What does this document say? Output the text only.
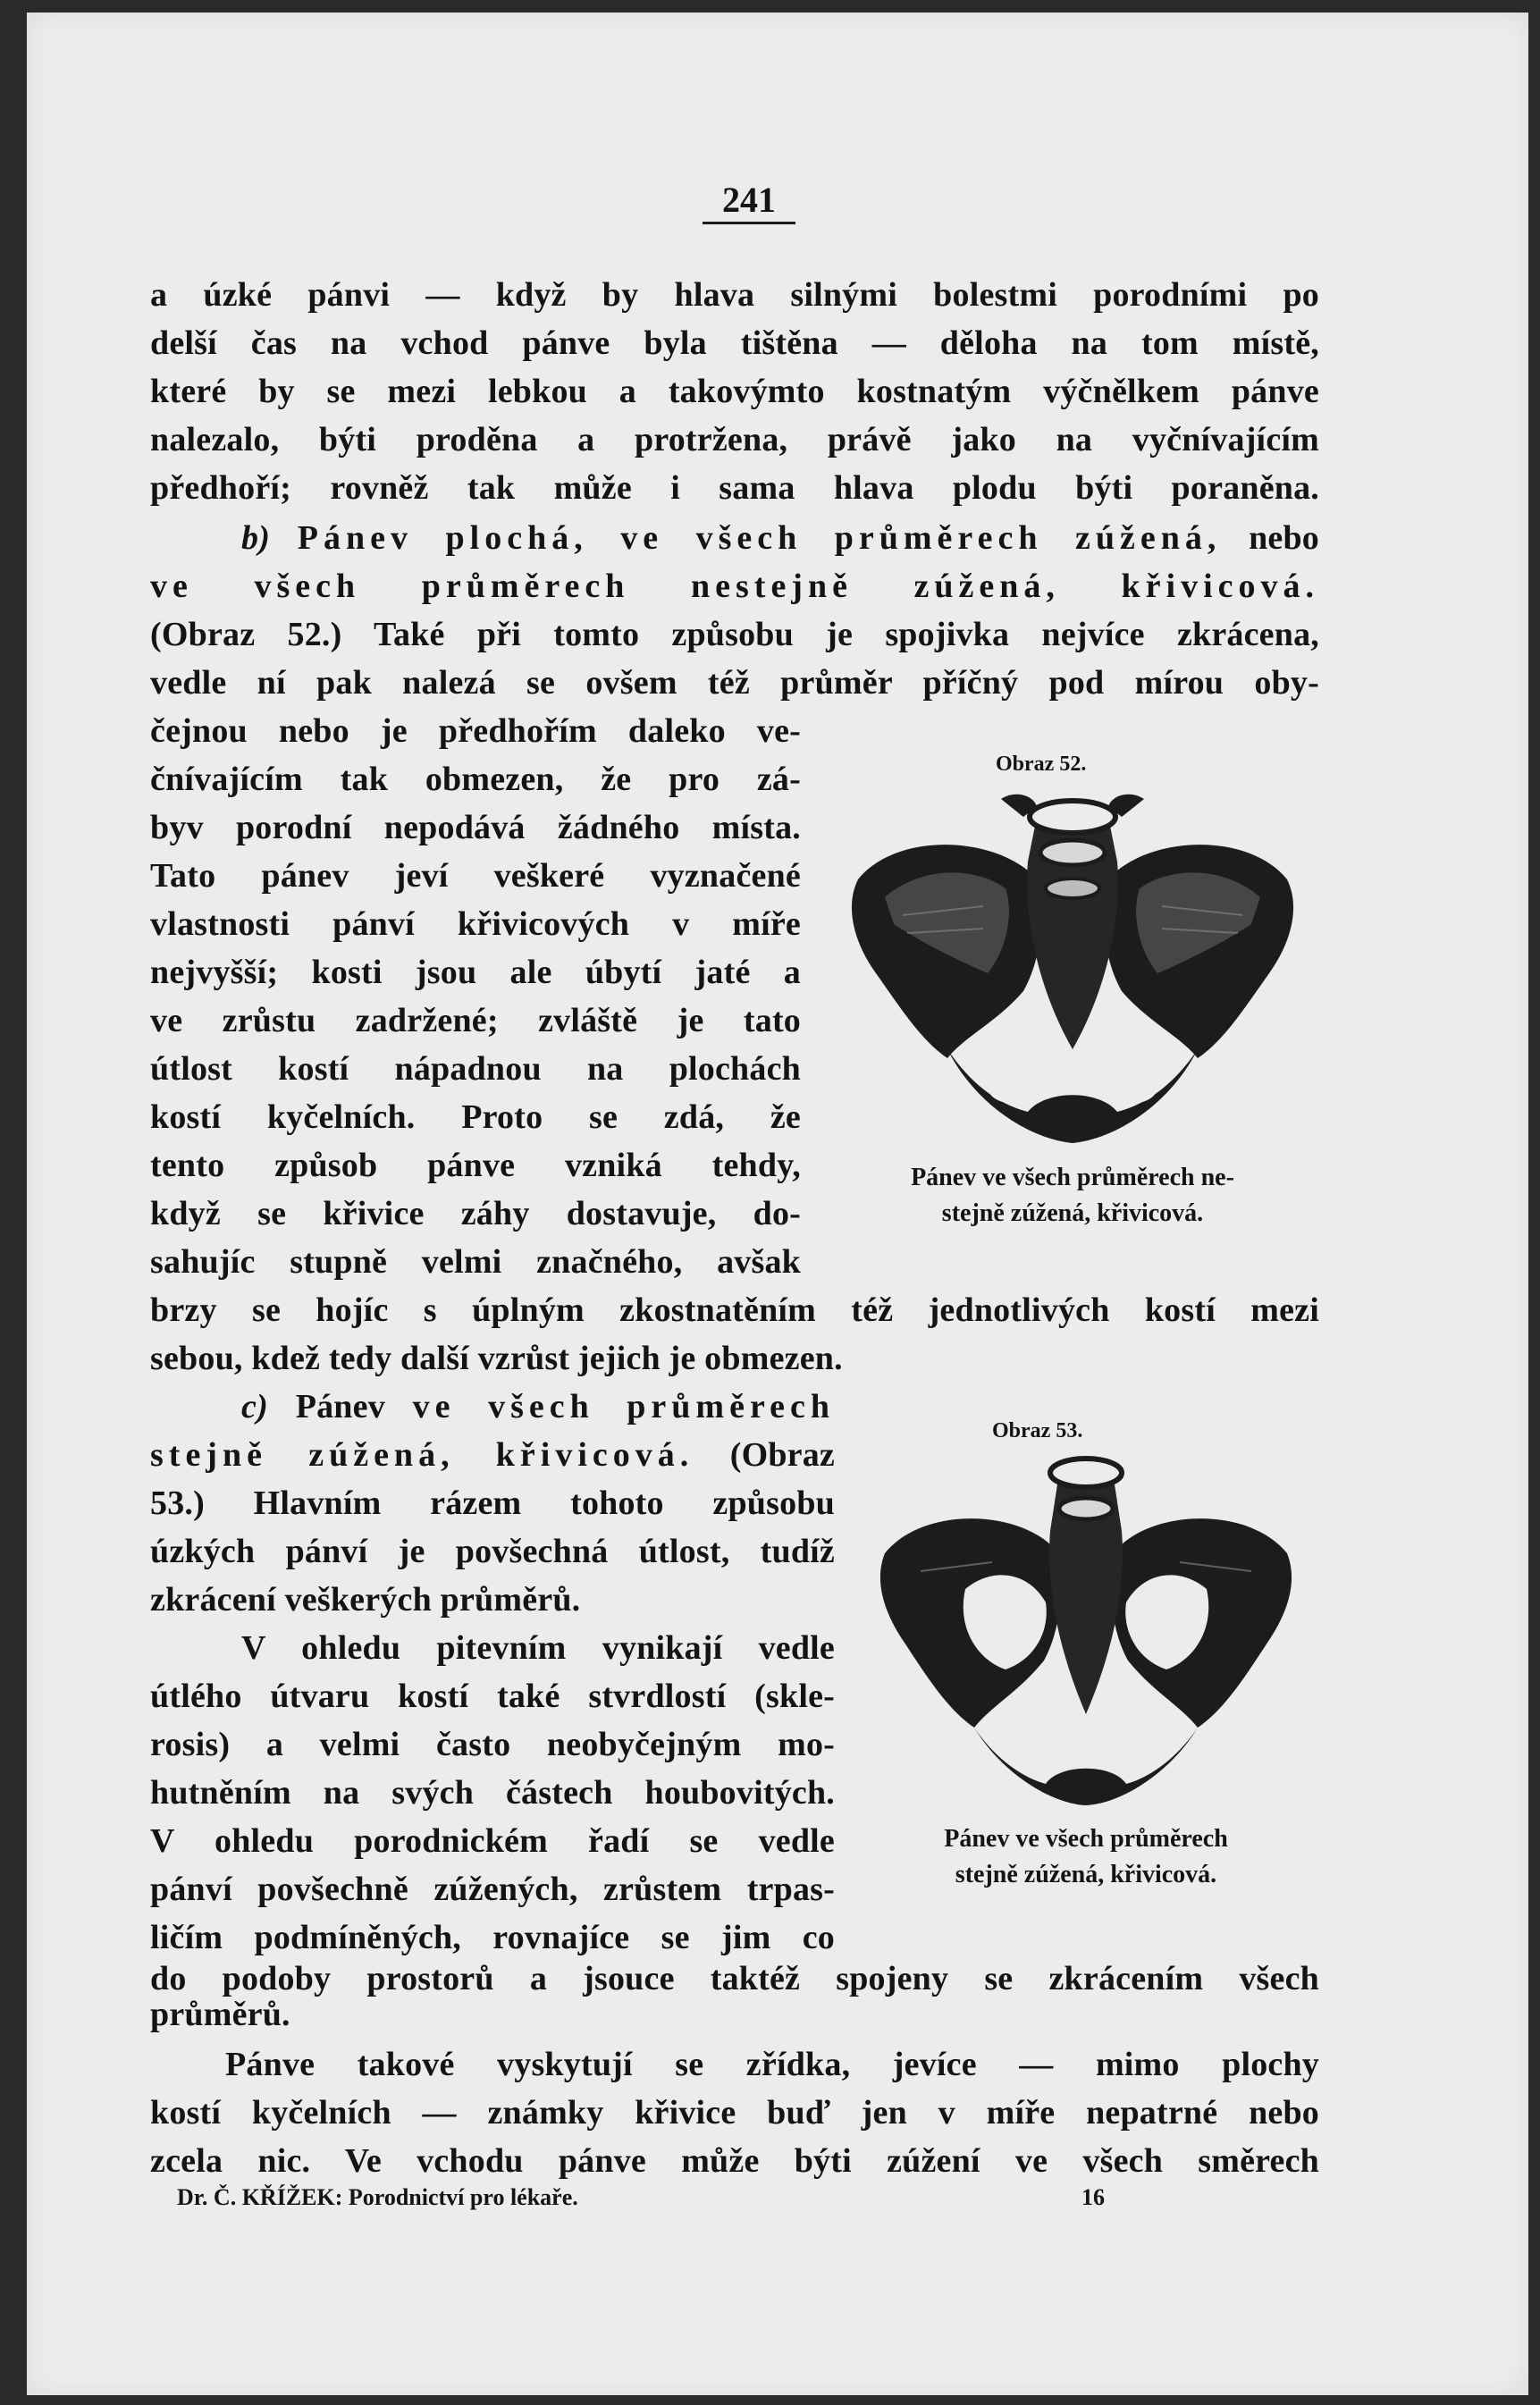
241

a úzké pánvi — když by hlava silnými bolestmi porodními po

delší čas na vchod pánve byla tištěna — děloha na tom místě,

které by se mezi lebkou a takovýmto kostnatým výčnělkem pánve

nalezalo, býti proděna a protržena, právě jako na vyčnívajícím

předhoří; rovněž tak může i sama hlava plodu býti poraněna.

b) Pánev plochá, ve všech průměrech zúžená, nebo

ve všech průměrech nestejně zúžená, křivicová.

(Obraz 52.) Také při tomto způsobu je spojivka nejvíce zkrácena,

vedle ní pak nalezá se ovšem též průměr příčný pod mírou oby-

čejnou nebo je předhořím daleko ve-

čnívajícím tak obmezen, že pro zá-

byv porodní nepodává žádného místa.

Tato pánev jeví veškeré vyznačené

vlastnosti pánví křivicových v míře

nejvyšší; kosti jsou ale úbytí jaté a

ve zrůstu zadržené; zvláště je tato

útlost kostí nápadnou na plochách

kostí kyčelních. Proto se zdá, že

tento způsob pánve vzniká tehdy,

když se křivice záhy dostavuje, do-

sahujíc stupně velmi značného, avšak

Obraz 52.
Pánev ve všech průměrech ne-
stejně zúžená, křivicová.

brzy se hojíc s úplným zkostnatěním též jednotlivých kostí mezi

sebou, kdež tedy další vzrůst jejich je obmezen.

c) Pánev ve všech průměrech

stejně zúžená, křivicová. (Obraz

53.) Hlavním rázem tohoto způsobu

úzkých pánví je povšechná útlost, tudíž

zkrácení veškerých průměrů.

V ohledu pitevním vynikají vedle

útlého útvaru kostí také stvrdlostí (skle-

rosis) a velmi často neobyčejným mo-

hutněním na svých částech houbovitých.

V ohledu porodnickém řadí se vedle

pánví povšechně zúžených, zrůstem trpas-

ličím podmíněných, rovnajíce se jim co

Obraz 53.
Pánev ve všech průměrech
stejně zúžená, křivicová.

do podoby prostorů a jsouce taktéž spojeny se zkrácením všech

průměrů.

Pánve takové vyskytují se zřídka, jevíce — mimo plochy

kostí kyčelních — známky křivice buď jen v míře nepatrné nebo

zcela nic. Ve vchodu pánve může býti zúžení ve všech směrech

Dr. Č. KŘÍŽEK: Porodnictví pro lékaře.	16
